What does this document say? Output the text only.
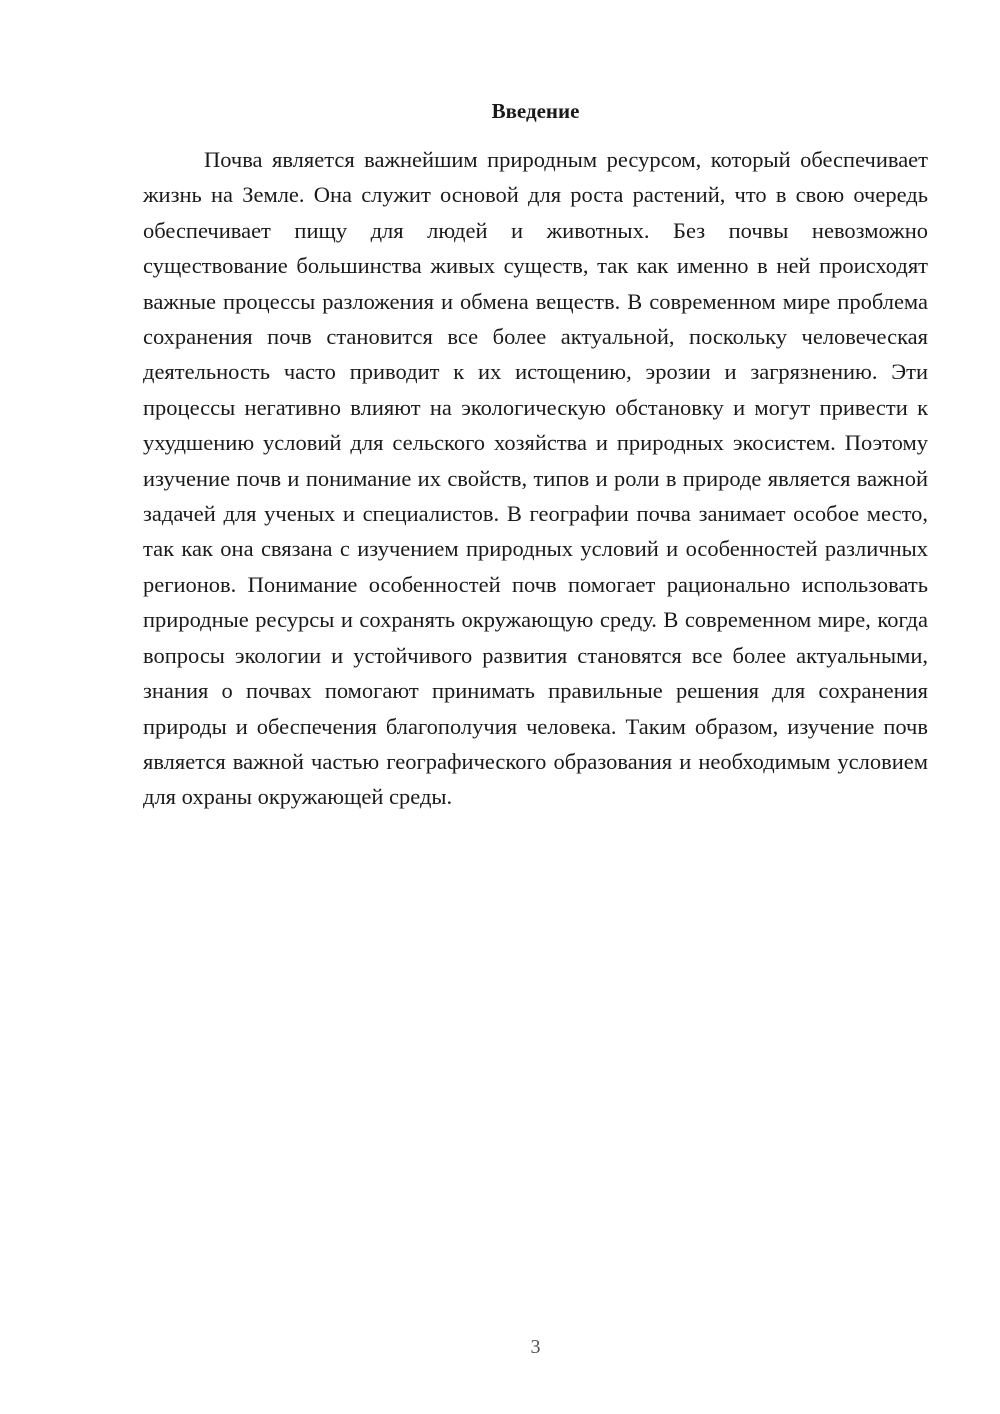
Введение

Почва является важнейшим природным ресурсом, который обеспечивает жизнь на Земле. Она служит основой для роста растений, что в свою очередь обеспечивает пищу для людей и животных. Без почвы невозможно существование большинства живых существ, так как именно в ней происходят важные процессы разложения и обмена веществ. В современном мире проблема сохранения почв становится все более актуальной, поскольку человеческая деятельность часто приводит к их истощению, эрозии и загрязнению. Эти процессы негативно влияют на экологическую обстановку и могут привести к ухудшению условий для сельского хозяйства и природных экосистем. Поэтому изучение почв и понимание их свойств, типов и роли в природе является важной задачей для ученых и специалистов. В географии почва занимает особое место, так как она связана с изучением природных условий и особенностей различных регионов. Понимание особенностей почв помогает рационально использовать природные ресурсы и сохранять окружающую среду. В современном мире, когда вопросы экологии и устойчивого развития становятся все более актуальными, знания о почвах помогают принимать правильные решения для сохранения природы и обеспечения благополучия человека. Таким образом, изучение почв является важной частью географического образования и необходимым условием для охраны окружающей среды.

3
